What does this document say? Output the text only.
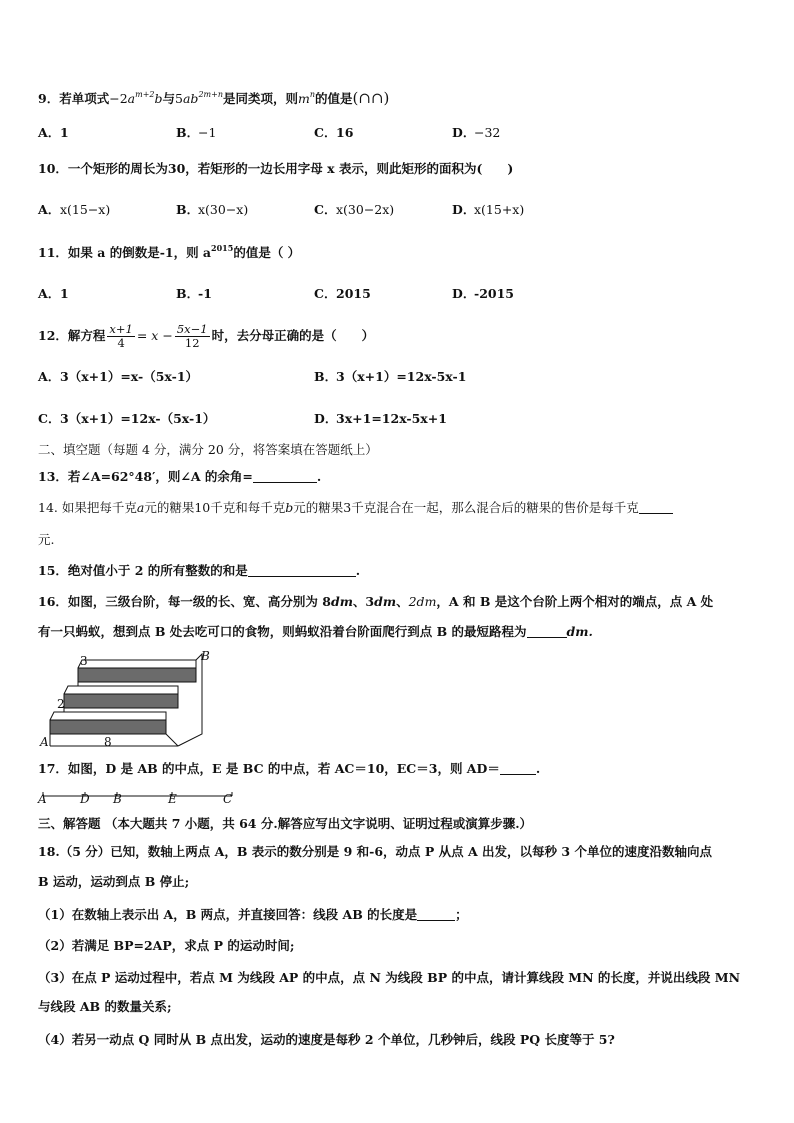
9．若单项式$-2a^{m+2}b$与$5ab^{2m+n}$是同类项，则$m^n$的值是(∩∩)
A．1	B．−1	C．16	D．−32
10．一个矩形的周长为30，若矩形的一边长用字母 x 表示，则此矩形的面积为(　　)
A．x(15−x)	B．x(30−x)	C．x(30−2x)	D．x(15+x)
11．如果 a 的倒数是-1，则 $a^{2015}$的值是（ ）
A．1	B．-1	C．2015	D．-2015
12．解方程 $\frac{x+1}{4} = x - \frac{5x-1}{12}$ 时，去分母正确的是（　　）
A．3（x+1）=x-（5x-1）	B．3（x+1）=12x-5x-1
C．3（x+1）=12x-（5x-1）	D．3x+1=12x-5x+1
二、填空题（每题 4 分，满分 20 分，将答案填在答题纸上）
13．若∠A=62°48′，则∠A 的余角=	.
14. 如果把每千克a元的糖果10千克和每千克b元的糖果3千克混合在一起，那么混合后的糖果的售价是每千克
元.
15．绝对值小于 2 的所有整数的和是	.
16．如图，三级台阶，每一级的长、宽、高分别为 8dm、3dm、2dm，A 和 B 是这个台阶上两个相对的端点，点 A 处
有一只蚂蚁，想到点 B 处去吃可口的食物，则蚂蚁沿着台阶面爬行到点 B 的最短路程为	dm.
3
2
8
A
B
17．如图，D 是 AB 的中点，E 是 BC 的中点，若 AC＝10，EC＝3，则 AD＝	.
A	D B	E	C
三、解答题 （本大题共 7 小题，共 64 分.解答应写出文字说明、证明过程或演算步骤.）
18.（5 分）已知，数轴上两点 A，B 表示的数分别是 9 和-6，动点 P 从点 A 出发，以每秒 3 个单位的速度沿数轴向点
B 运动，运动到点 B 停止;
（1）在数轴上表示出 A，B 两点，并直接回答：线段 AB 的长度是	；
（2）若满足 BP=2AP，求点 P 的运动时间;
（3）在点 P 运动过程中，若点 M 为线段 AP 的中点，点 N 为线段 BP 的中点，请计算线段 MN 的长度，并说出线段 MN
与线段 AB 的数量关系;
（4）若另一动点 Q 同时从 B 点出发，运动的速度是每秒 2 个单位，几秒钟后，线段 PQ 长度等于 5?
